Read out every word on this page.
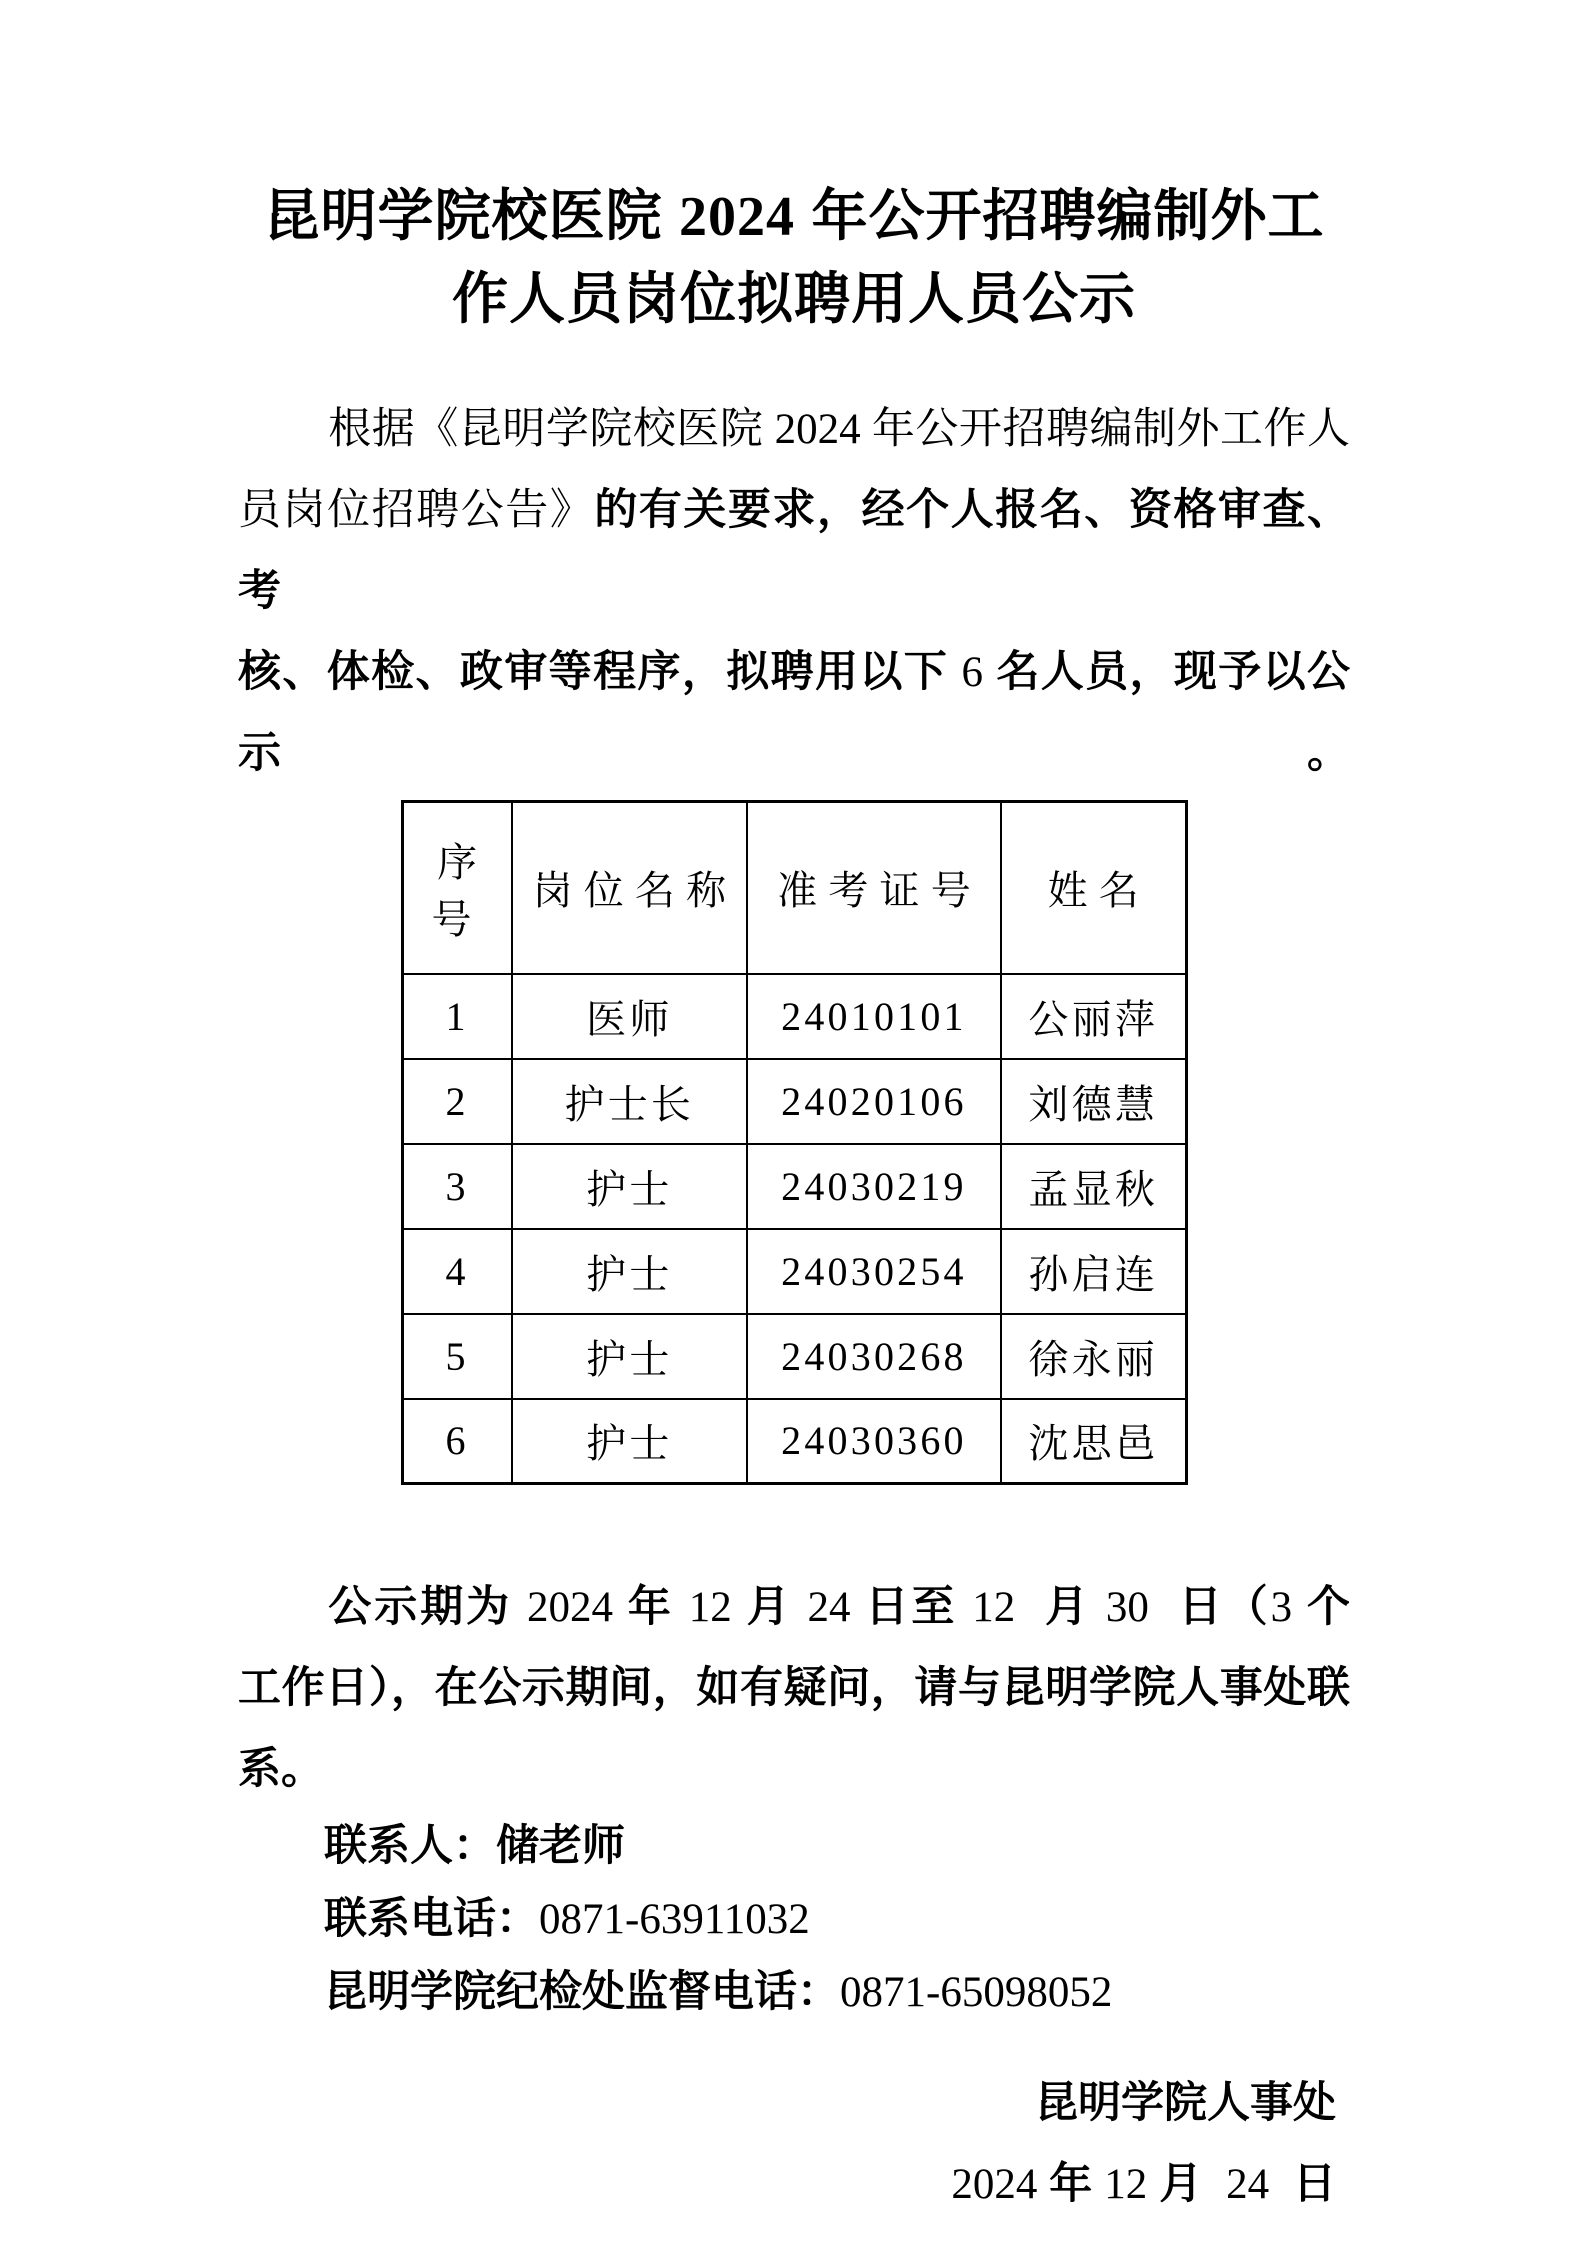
昆明学院校医院 2024 年公开招聘编制外工
作人员岗位拟聘用人员公示
根据《昆明学院校医院 2024 年公开招聘编制外工作人
员岗位招聘公告》的有关要求，经个人报名、资格审查、考
核、体检、政审等程序，拟聘用以下 6 名人员，现予以公示。
序号	岗位名称	准考证号	姓名
1	医师	24010101	公丽萍
2	护士长	24020106	刘德慧
3	护士	24030219	孟显秋
4	护士	24030254	孙启连
5	护士	24030268	徐永丽
6	护士	24030360	沈思邑
公示期为 2024 年 12 月 24 日至 12  月 30  日（3 个
工作日），在公示期间，如有疑问，请与昆明学院人事处联
系。
联系人：储老师
联系电话：0871-63911032
昆明学院纪检处监督电话：0871-65098052
昆明学院人事处
2024 年 12 月  24  日
